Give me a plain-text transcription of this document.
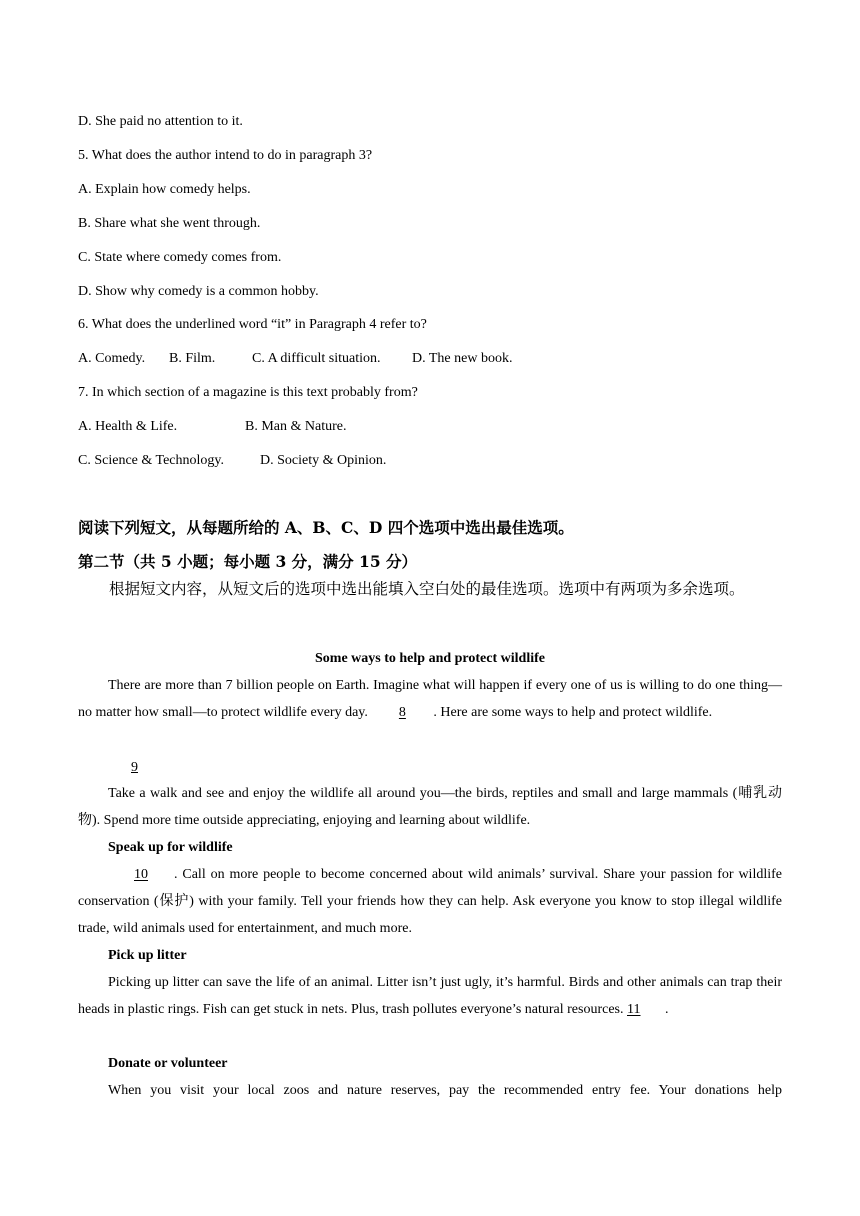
D. She paid no attention to it.
5. What does the author intend to do in paragraph 3?
A. Explain how comedy helps.
B. Share what she went through.
C. State where comedy comes from.
D. Show why comedy is a common hobby.
6. What does the underlined word “it” in Paragraph 4 refer to?
A. Comedy. B. Film.	C. A difficult situation. D. The new book.
7. In which section of a magazine is this text probably from?
A. Health & Life.	B. Man & Nature.
C. Science & Technology.	D. Society & Opinion.
阅读下列短文，从每题所给的 A、B、C、D 四个选项中选出最佳选项。
第二节（共 5 小题；每小题 3 分，满分 15 分）

根据短文内容，从短文后的选项中选出能填入空白处的最佳选项。选项中有两项为多余选项。

Some ways to help and protect wildlife

There are more than 7 billion people on Earth. Imagine what will happen if every one of us is willing to do one thing—no matter how small—to protect wildlife every day. 8 . Here are some ways to help and protect wildlife.

9

Take a walk and see and enjoy the wildlife all around you—the birds, reptiles and small and large mammals (哺乳动物). Spend more time outside appreciating, enjoying and learning about wildlife.

Speak up for wildlife

10 . Call on more people to become concerned about wild animals’ survival. Share your passion for wildlife conservation (保护) with your family. Tell your friends how they can help. Ask everyone you know to stop illegal wildlife trade, wild animals used for entertainment, and much more.

Pick up litter

Picking up litter can save the life of an animal. Litter isn’t just ugly, it’s harmful. Birds and other animals can trap their heads in plastic rings. Fish can get stuck in nets. Plus, trash pollutes everyone’s natural resources. 11 .

Donate or volunteer

When you visit your local zoos and nature reserves, pay the recommended entry fee. Your donations help
